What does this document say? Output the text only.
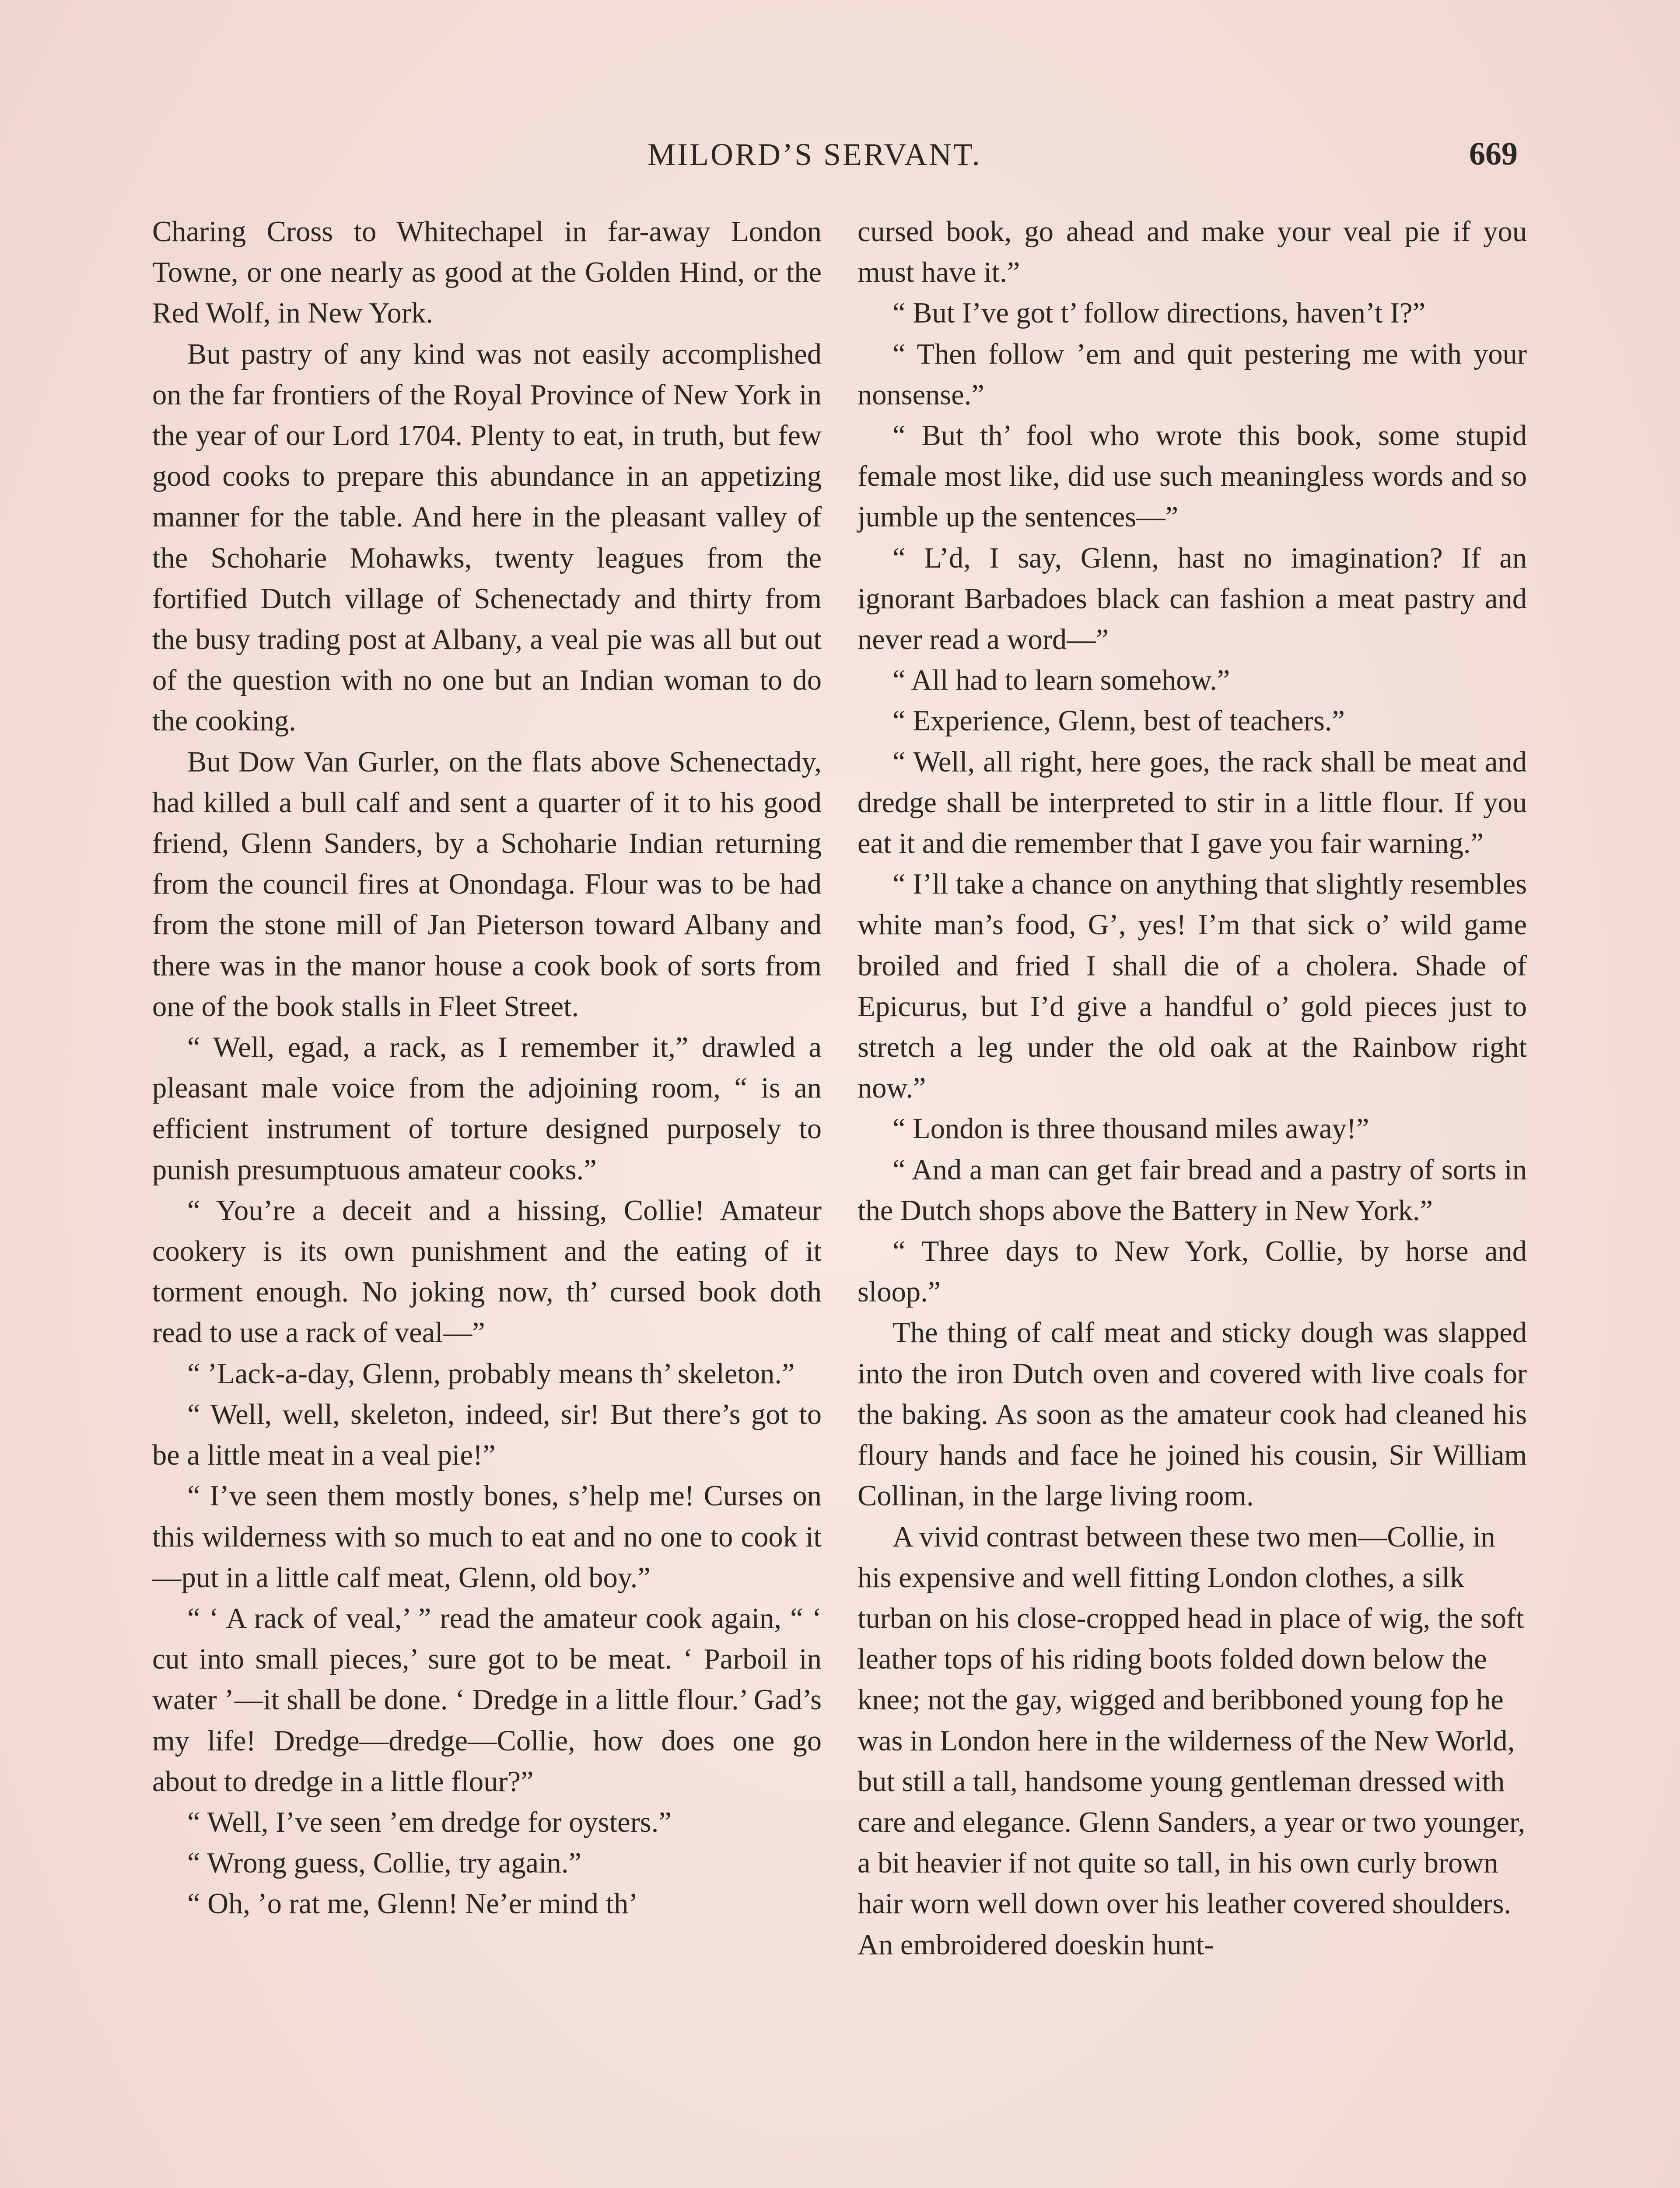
MILORD’S SERVANT.	669

Charing Cross to Whitechapel in far-away London Towne, or one nearly as good at the Golden Hind, or the Red Wolf, in New York.

But pastry of any kind was not easily accomplished on the far frontiers of the Royal Province of New York in the year of our Lord 1704. Plenty to eat, in truth, but few good cooks to prepare this abundance in an appetizing manner for the table. And here in the pleasant valley of the Schoharie Mohawks, twenty leagues from the fortified Dutch village of Schenectady and thirty from the busy trading post at Albany, a veal pie was all but out of the question with no one but an Indian woman to do the cooking.

But Dow Van Gurler, on the flats above Schenectady, had killed a bull calf and sent a quarter of it to his good friend, Glenn Sanders, by a Schoharie Indian returning from the council fires at Onondaga. Flour was to be had from the stone mill of Jan Pieterson toward Albany and there was in the manor house a cook book of sorts from one of the book stalls in Fleet Street.

“ Well, egad, a rack, as I remember it,” drawled a pleasant male voice from the adjoining room, “ is an efficient instrument of torture designed purposely to punish presumptuous amateur cooks.”

“ You’re a deceit and a hissing, Collie! Amateur cookery is its own punishment and the eating of it torment enough. No joking now, th’ cursed book doth read to use a rack of veal—”

“ ’Lack-a-day, Glenn, probably means th’ skeleton.”

“ Well, well, skeleton, indeed, sir! But there’s got to be a little meat in a veal pie!”

“ I’ve seen them mostly bones, s’help me! Curses on this wilderness with so much to eat and no one to cook it—put in a little calf meat, Glenn, old boy.”

“ ‘ A rack of veal,’ ” read the amateur cook again, “ ‘ cut into small pieces,’ sure got to be meat. ‘ Parboil in water ’—it shall be done. ‘ Dredge in a little flour.’ Gad’s my life! Dredge—dredge—Collie, how does one go about to dredge in a little flour?”

“ Well, I’ve seen ’em dredge for oysters.”

“ Wrong guess, Collie, try again.”

“ Oh, ’o rat me, Glenn! Ne’er mind th’

cursed book, go ahead and make your veal pie if you must have it.”

“ But I’ve got t’ follow directions, haven’t I?”

“ Then follow ’em and quit pestering me with your nonsense.”

“ But th’ fool who wrote this book, some stupid female most like, did use such meaningless words and so jumble up the sentences—”

“ L’d, I say, Glenn, hast no imagination? If an ignorant Barbadoes black can fashion a meat pastry and never read a word—”

“ All had to learn somehow.”

“ Experience, Glenn, best of teachers.”

“ Well, all right, here goes, the rack shall be meat and dredge shall be interpreted to stir in a little flour. If you eat it and die remember that I gave you fair warning.”

“ I’ll take a chance on anything that slightly resembles white man’s food, G’, yes! I’m that sick o’ wild game broiled and fried I shall die of a cholera. Shade of Epicurus, but I’d give a handful o’ gold pieces just to stretch a leg under the old oak at the Rainbow right now.”

“ London is three thousand miles away!”

“ And a man can get fair bread and a pastry of sorts in the Dutch shops above the Battery in New York.”

“ Three days to New York, Collie, by horse and sloop.”

The thing of calf meat and sticky dough was slapped into the iron Dutch oven and covered with live coals for the baking. As soon as the amateur cook had cleaned his floury hands and face he joined his cousin, Sir William Collinan, in the large living room.

A vivid contrast between these two men—Collie, in his expensive and well fitting London clothes, a silk turban on his close-cropped head in place of wig, the soft leather tops of his riding boots folded down below the knee; not the gay, wigged and beribboned young fop he was in London here in the wilderness of the New World, but still a tall, handsome young gentleman dressed with care and elegance. Glenn Sanders, a year or two younger, a bit heavier if not quite so tall, in his own curly brown hair worn well down over his leather covered shoulders. An embroidered doeskin hunt-
